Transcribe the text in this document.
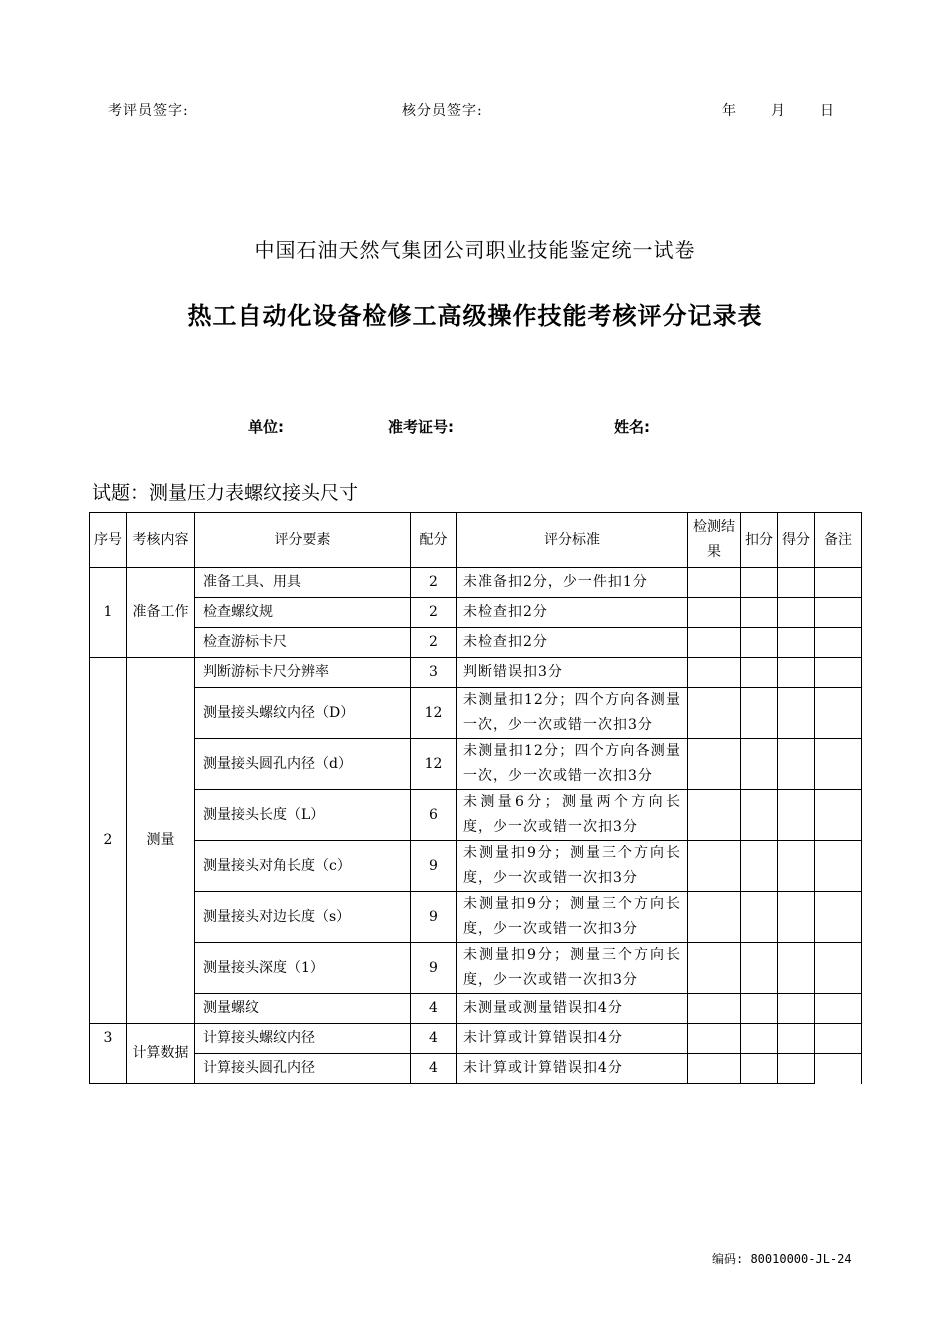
考评员签字:	核分员签字:	年 月 日
中国石油天然气集团公司职业技能鉴定统一试卷
热工自动化设备检修工高级操作技能考核评分记录表
单位:	准考证号:	姓名:
试题：测量压力表螺纹接头尺寸
序号	考核内容	评分要素	配分	评分标准	检测结果	扣分	得分	备注
1	准备工作	准备工具、用具	2	未准备扣2分，少一件扣1分				
		检查螺纹规	2	未检查扣2分				
		检查游标卡尺	2	未检查扣2分				
2	测量	判断游标卡尺分辨率	3	判断错误扣3分				
		测量接头螺纹内径（D）	12	未测量扣12分；四个方向各测量一次，少一次或错一次扣3分				
		测量接头圆孔内径（d）	12	未测量扣12分；四个方向各测量一次，少一次或错一次扣3分				
		测量接头长度（L）	6	未测量6分；测量两个方向长度，少一次或错一次扣3分				
		测量接头对角长度（c）	9	未测量扣9分；测量三个方向长度，少一次或错一次扣3分				
		测量接头对边长度（s）	9	未测量扣9分；测量三个方向长度，少一次或错一次扣3分				
		测量接头深度（1）	9	未测量扣9分；测量三个方向长度，少一次或错一次扣3分				
		测量螺纹	4	未测量或测量错误扣4分				
3	计算数据	计算接头螺纹内径	4	未计算或计算错误扣4分				
		计算接头圆孔内径	4	未计算或计算错误扣4分				
编码: 80010000-JL-24
